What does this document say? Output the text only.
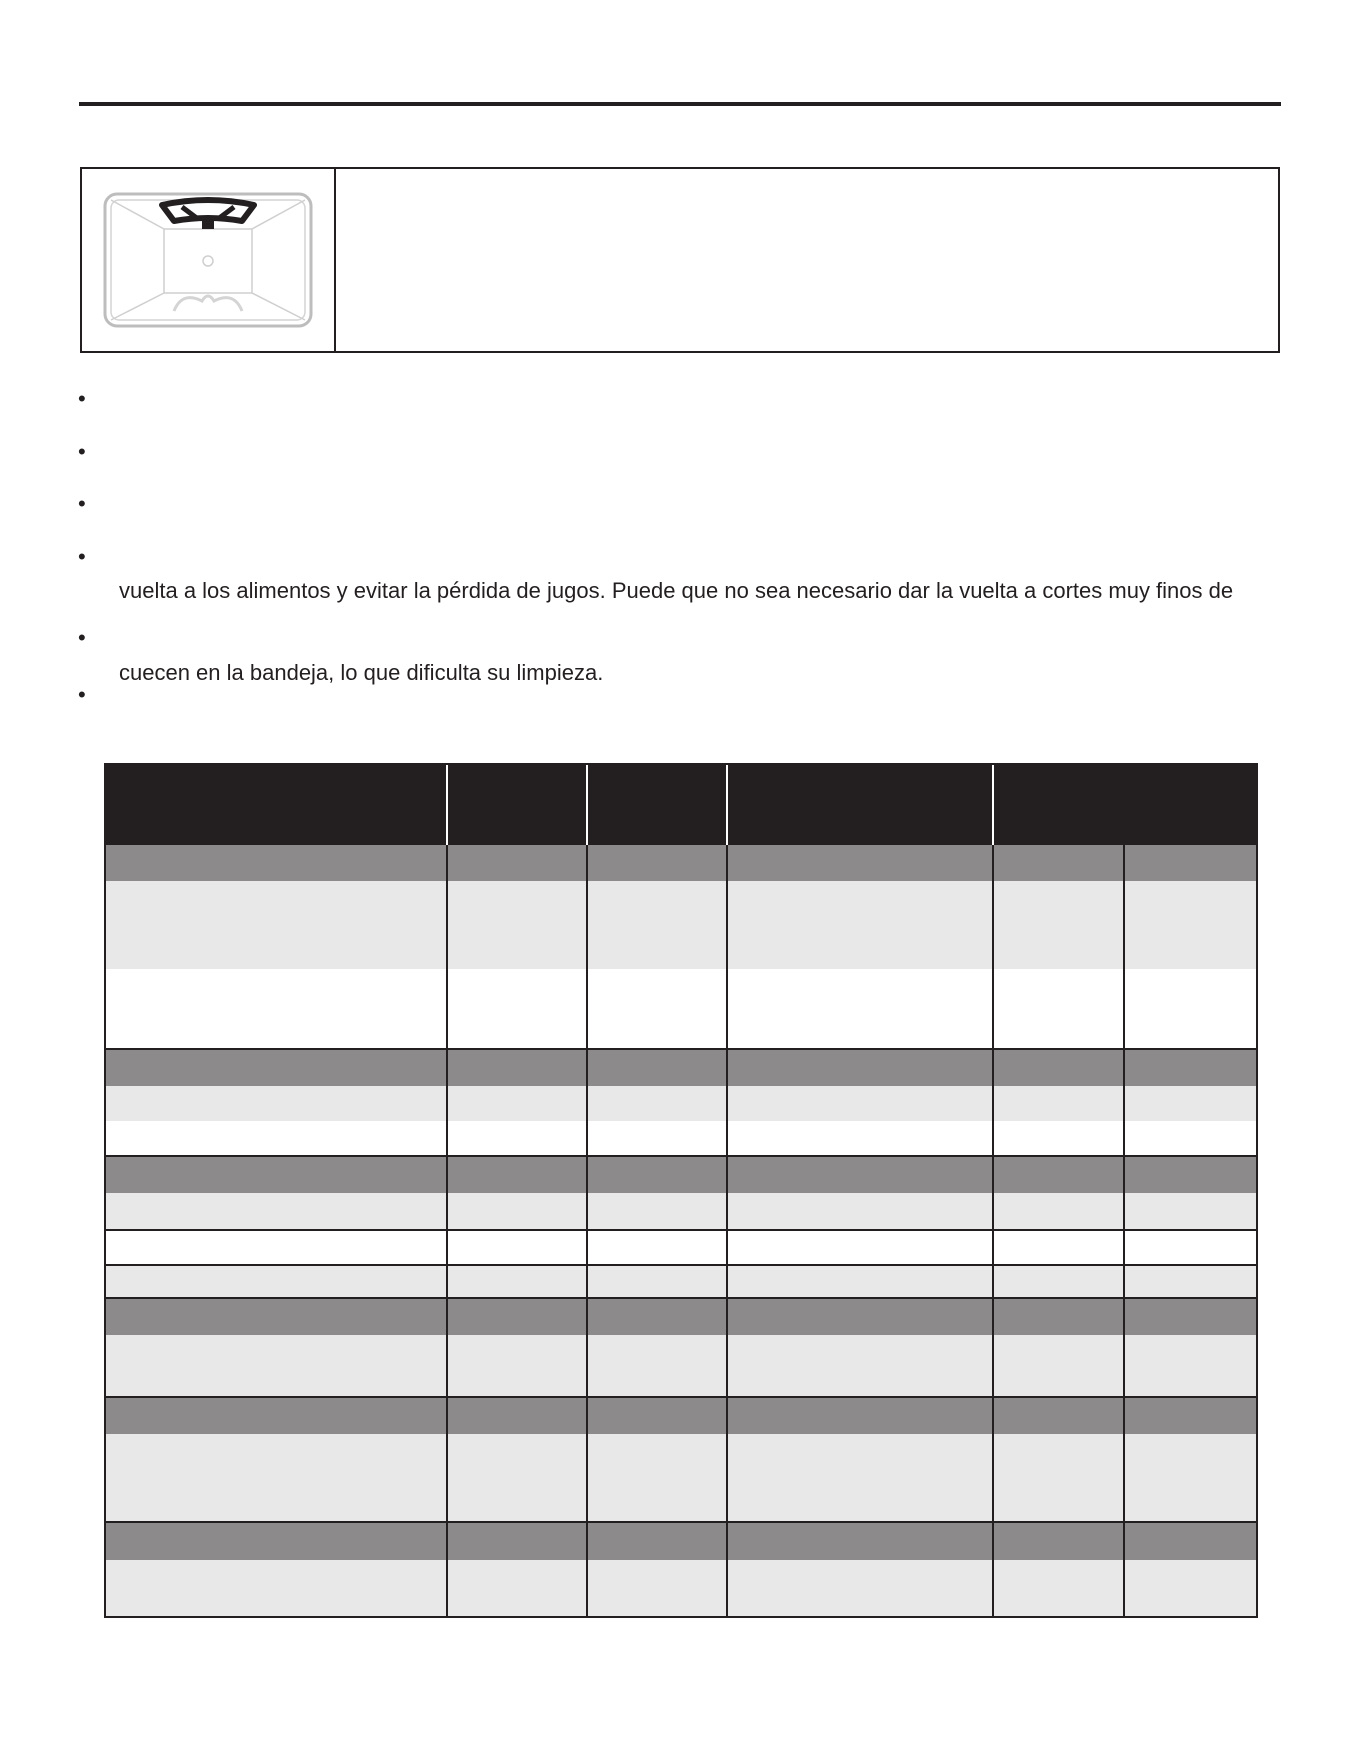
•
•
•
•
vuelta a los alimentos y evitar la pérdida de jugos. Puede que no sea necesario dar la vuelta a cortes muy finos de
•
cuecen en la bandeja, lo que dificulta su limpieza.
•
